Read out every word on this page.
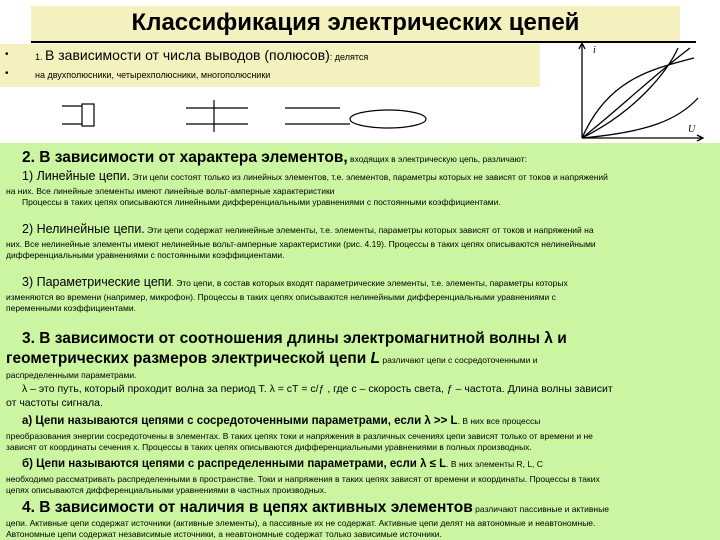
Классификация электрических цепей
•
•
1. В зависимости от числа выводов (полюсов): делятся
на двухполюсники, четырехполюсники, многополюсники
i
U
2. В зависимости от характера элементов, входящих в электрическую цепь, различают:
1) Линейные цепи. Эти цепи состоят только из линейных элементов, т.е. элементов, параметры которых не зависят от токов и напряжений
на них. Все линейные элементы имеют линейные вольт-амперные характеристики
Процессы в таких цепях описываются линейными дифференциальными уравнениями с постоянными коэффициентами.
2) Нелинейные цепи. Эти цепи содержат нелинейные элементы, т.е. элементы, параметры которых зависят от токов и напряжений на
них. Все нелинейные элементы имеют нелинейные вольт-амперные характеристики (рис. 4.19). Процессы в таких цепях описываются нелинейными
дифференциальными уравнениями с постоянными коэффициентами.
3) Параметрические цепи. Это цепи, в состав которых входят параметрические элементы, т.е. элементы, параметры которых
изменяются во времени (например, микрофон). Процессы в таких цепях описываются нелинейными дифференциальными уравнениями с
переменными коэффициентами.
3. В зависимости от соотношения длины электромагнитной волны λ и
геометрических размеров электрической цепи L различают цепи с сосредоточенными и
распределенными параметрами.
λ – это путь, который проходит волна за период Т. λ = сТ = с/ƒ , где с – скорость света, ƒ – частота. Длина волны зависит
от частоты сигнала.
а) Цепи называются цепями с сосредоточенными параметрами, если λ >> L. В них все процессы
преобразования энергии сосредоточены в элементах. В таких цепях токи и напряжения в различных сечениях цепи зависят только от времени и не
зависят от координаты сечения х. Процессы в таких цепях описываются дифференциальными уравнениями в полных производных.
б) Цепи называются цепями с распределенными параметрами, если λ ≤ L. В них элементы R, L, C
необходимо рассматривать распределенными в пространстве. Токи и напряжения в таких цепях зависят от времени и координаты. Процессы в таких
цепях описываются дифференциальными уравнениями в частных производных.
4. В зависимости от наличия в цепях активных элементов различают пассивные и активные
цепи. Активные цепи содержат источники (активные элементы), а пассивные их не содержат. Активные цепи делят на автономные и неавтономные.
Автономные цепи содержат независимые источники, а неавтономные содержат только зависимые источники.
